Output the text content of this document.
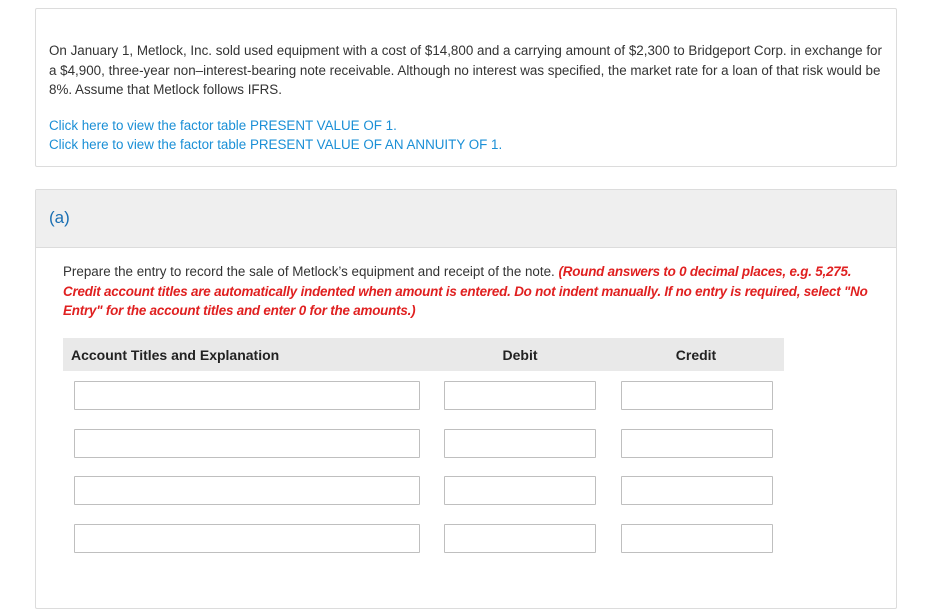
On January 1, Metlock, Inc. sold used equipment with a cost of $14,800 and a carrying amount of $2,300 to Bridgeport Corp. in exchange for a $4,900, three-year non–interest-bearing note receivable. Although no interest was specified, the market rate for a loan of that risk would be 8%. Assume that Metlock follows IFRS.
Click here to view the factor table PRESENT VALUE OF 1.
Click here to view the factor table PRESENT VALUE OF AN ANNUITY OF 1.
(a)
Prepare the entry to record the sale of Metlock’s equipment and receipt of the note. (Round answers to 0 decimal places, e.g. 5,275. Credit account titles are automatically indented when amount is entered. Do not indent manually. If no entry is required, select "No Entry" for the account titles and enter 0 for the amounts.)
Account Titles and Explanation	Debit	Credit
